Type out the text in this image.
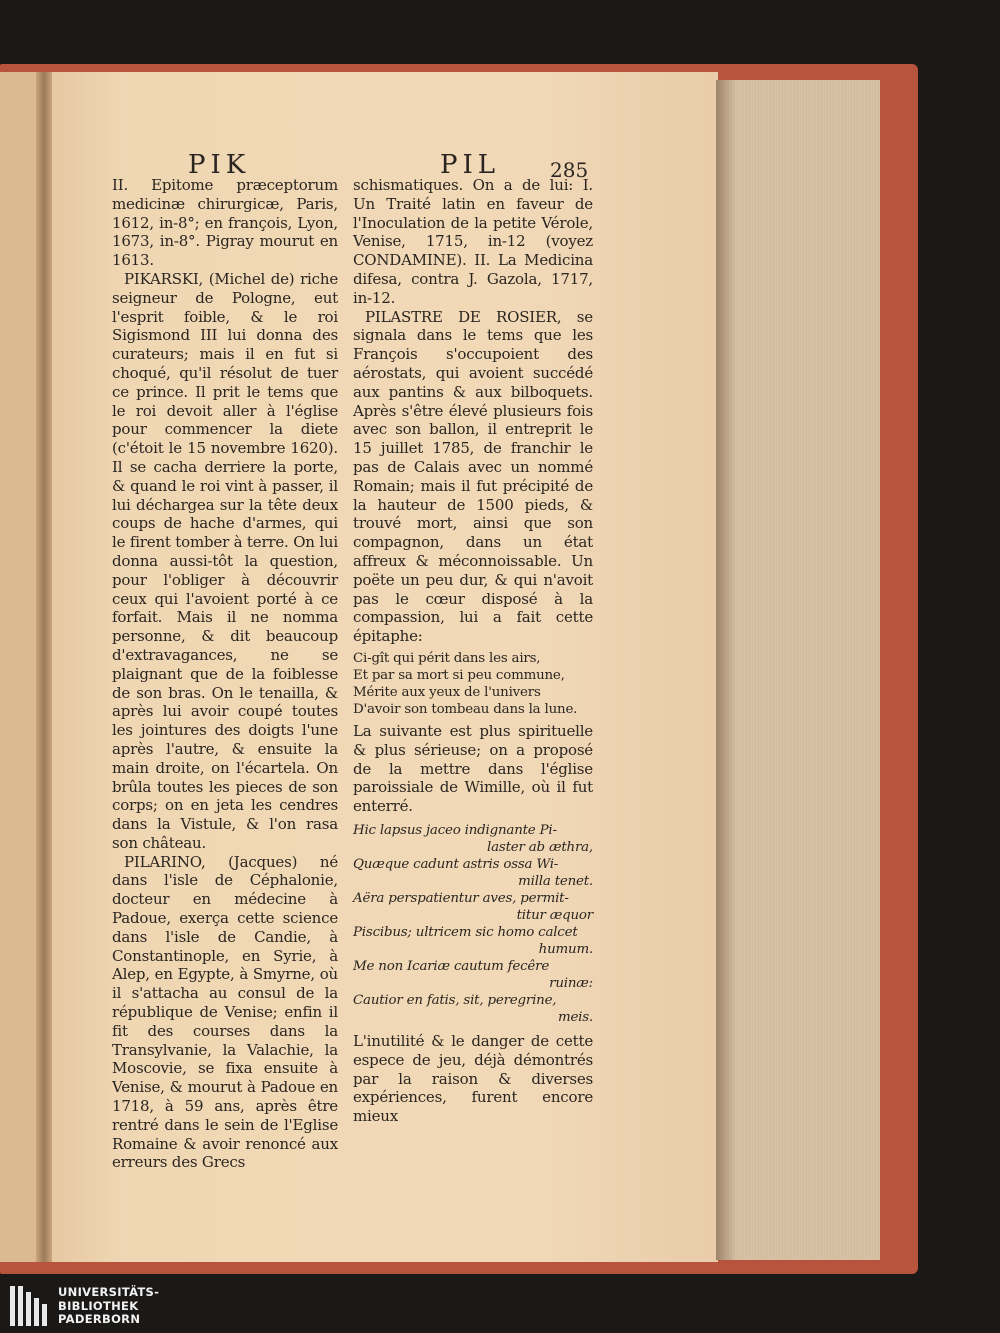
PIK	PIL 285

II. Epitome præceptorum medicinæ chirurgicæ, Paris, 1612, in-8°; en françois, Lyon, 1673, in-8°. Pigray mourut en 1613.

PIKARSKI, (Michel de) riche seigneur de Pologne, eut l'esprit foible, & le roi Sigismond III lui donna des curateurs; mais il en fut si choqué, qu'il résolut de tuer ce prince. Il prit le tems que le roi devoit aller à l'église pour commencer la diete (c'étoit le 15 novembre 1620). Il se cacha derriere la porte, & quand le roi vint à passer, il lui déchargea sur la tête deux coups de hache d'armes, qui le firent tomber à terre. On lui donna aussi-tôt la question, pour l'obliger à découvrir ceux qui l'avoient porté à ce forfait. Mais il ne nomma personne, & dit beaucoup d'extravagances, ne se plaignant que de la foiblesse de son bras. On le tenailla, & après lui avoir coupé toutes les jointures des doigts l'une après l'autre, & ensuite la main droite, on l'écartela. On brûla toutes les pieces de son corps; on en jeta les cendres dans la Vistule, & l'on rasa son château.

PILARINO, (Jacques) né dans l'isle de Céphalonie, docteur en médecine à Padoue, exerça cette science dans l'isle de Candie, à Constantinople, en Syrie, à Alep, en Egypte, à Smyrne, où il s'attacha au consul de la république de Venise; enfin il fit des courses dans la Transylvanie, la Valachie, la Moscovie, se fixa ensuite à Venise, & mourut à Padoue en 1718, à 59 ans, après être rentré dans le sein de l'Eglise Romaine & avoir renoncé aux erreurs des Grecs

schismatiques. On a de lui: I. Un Traité latin en faveur de l'Inoculation de la petite Vérole, Venise, 1715, in-12 (voyez CONDAMINE). II. La Medicina difesa, contra J. Gazola, 1717, in-12.

PILASTRE DE ROSIER, se signala dans le tems que les François s'occupoient des aérostats, qui avoient succédé aux pantins & aux bilboquets. Après s'être élevé plusieurs fois avec son ballon, il entreprit le 15 juillet 1785, de franchir le pas de Calais avec un nommé Romain; mais il fut précipité de la hauteur de 1500 pieds, & trouvé mort, ainsi que son compagnon, dans un état affreux & méconnoissable. Un poëte un peu dur, & qui n'avoit pas le cœur disposé à la compassion, lui a fait cette épitaphe:

Ci-gît qui périt dans les airs,
Et par sa mort si peu commune,
Mérite aux yeux de l'univers
D'avoir son tombeau dans la lune.

La suivante est plus spirituelle & plus sérieuse; on a proposé de la mettre dans l'église paroissiale de Wimille, où il fut enterré.

Hic lapsus jaceo indignante Pi-
laster ab æthra,
Quæque cadunt astris ossa Wi-
milla tenet.
Aëra perspatientur aves, permit-
titur æquor
Piscibus; ultricem sic homo calcet
humum.
Me non Icariæ cautum fecêre
ruinæ:
Cautior en fatis, sit, peregrine,
meis.

L'inutilité & le danger de cette espece de jeu, déjà démontrés par la raison & diverses expériences, furent encore mieux

UNIVERSITÄTS-
BIBLIOTHEK
PADERBORN
